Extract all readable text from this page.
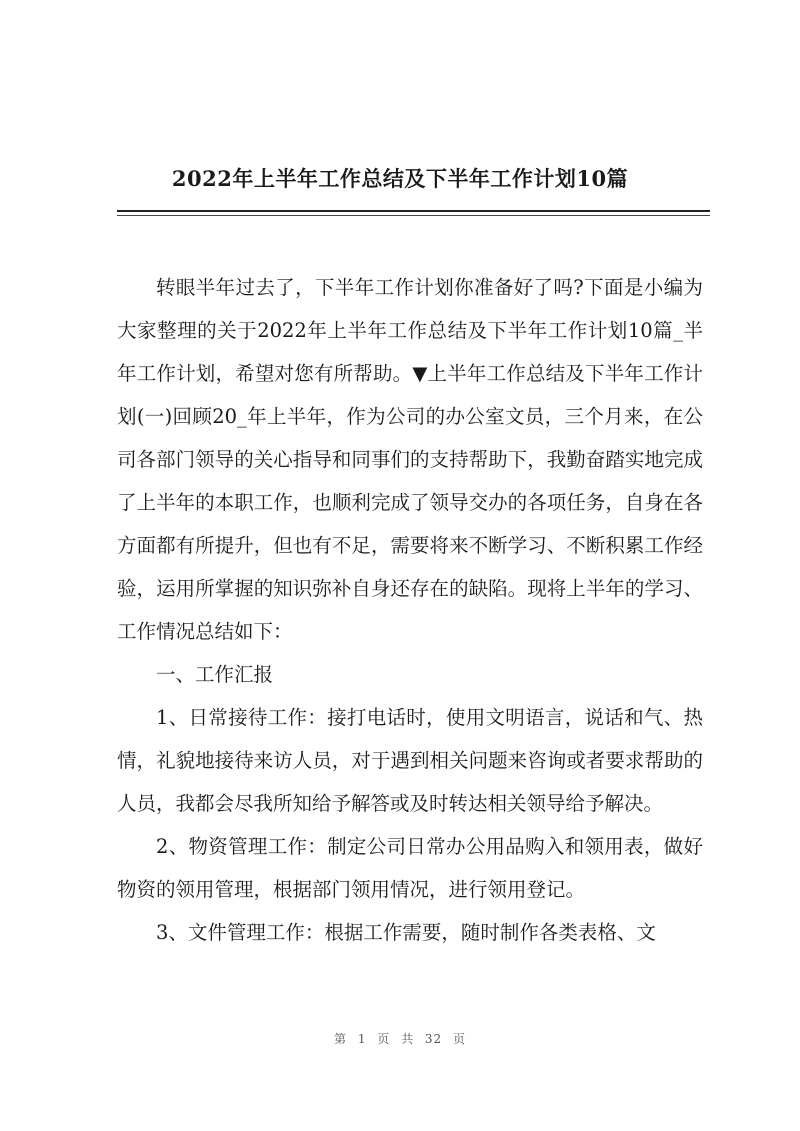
2022年上半年工作总结及下半年工作计划10篇

转眼半年过去了，下半年工作计划你准备好了吗?下面是小编为大家整理的关于2022年上半年工作总结及下半年工作计划10篇_半年工作计划，希望对您有所帮助。▼上半年工作总结及下半年工作计划(一)回顾20_年上半年，作为公司的办公室文员，三个月来，在公司各部门领导的关心指导和同事们的支持帮助下，我勤奋踏实地完成了上半年的本职工作，也顺利完成了领导交办的各项任务，自身在各方面都有所提升，但也有不足，需要将来不断学习、不断积累工作经验，运用所掌握的知识弥补自身还存在的缺陷。现将上半年的学习、工作情况总结如下：

一、工作汇报

1、日常接待工作：接打电话时，使用文明语言，说话和气、热情，礼貌地接待来访人员，对于遇到相关问题来咨询或者要求帮助的人员，我都会尽我所知给予解答或及时转达相关领导给予解决。

2、物资管理工作：制定公司日常办公用品购入和领用表，做好物资的领用管理，根据部门领用情况，进行领用登记。

3、文件管理工作：根据工作需要，随时制作各类表格、文

第 1 页 共 32 页
